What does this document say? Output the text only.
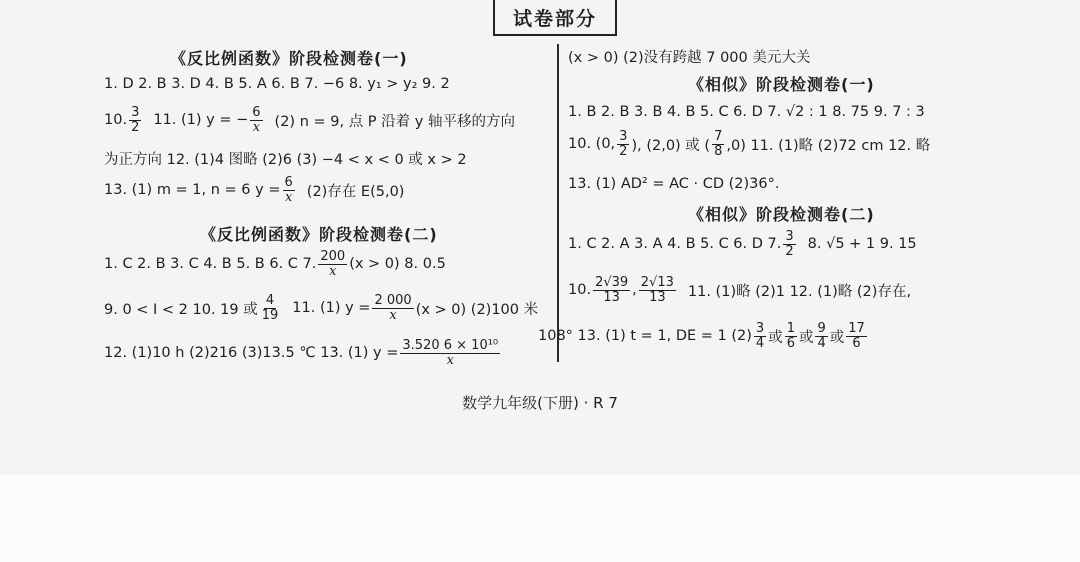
试卷部分
《反比例函数》阶段检测卷(一)
1. D 2. B 3. D 4. B 5. A 6. B 7. −6 8. y₁ > y₂ 9. 2
10. $\frac{3}{2} 11$. (1) y = − $\frac{6}{x} (2) n = 9$, 点 P 沿着 y 轴平移的方向
为正方向 12. (1)4 图略 (2)6 (3) −4 < x < 0 或 x > 2
13. (1) m = 1, n = 6 $y = \frac{6}{x} (2)$存在 E(5,0)
《反比例函数》阶段检测卷(二)
1. C 2. B 3. C 4. B 5. B 6. C 7. $\frac{200}{x} (x > 0)$ 8. 0.5
9. 0 < I < 2 10. 19 或 $\frac{4}{19} 11$. (1) $y = \frac{2 000}{x} (x > 0)$ (2)100 米
12. (1)10 h (2)216 (3)13.5 ℃ 13. (1) $y = \frac{\text{3.520 6 × 10¹⁰}}{x}$
(x > 0) (2)没有跨越 7 000 美元大关
《相似》阶段检测卷(一)
1. B 2. B 3. B 4. B 5. C 6. D 7. √2 : 1 8. 75 9. 7 : 3
10. (0, $\frac{3}{2}$ ), (2,0) 或 ( $\frac{7}{8} ,0$) 11. (1)略 (2)72 cm 12. 略
13. (1) AD² = AC · CD (2)36°.
《相似》阶段检测卷(二)
1. C 2. A 3. A 4. B 5. C 6. D 7. $\frac{3}{2} 8$. √5 + 1 9. 15
10. $\frac{2√39}{13}$ , $\frac{2√13}{13} 11$. (1)略 (2)1 12. (1)略 (2)存在,
108° 13. (1) t = 1, DE = 1 $(2) \frac{3}{4}$ 或 $\frac{1}{6}$ 或 $\frac{9}{4}$ 或 $\frac{17}{6}$
数学九年级(下册) · R 7
